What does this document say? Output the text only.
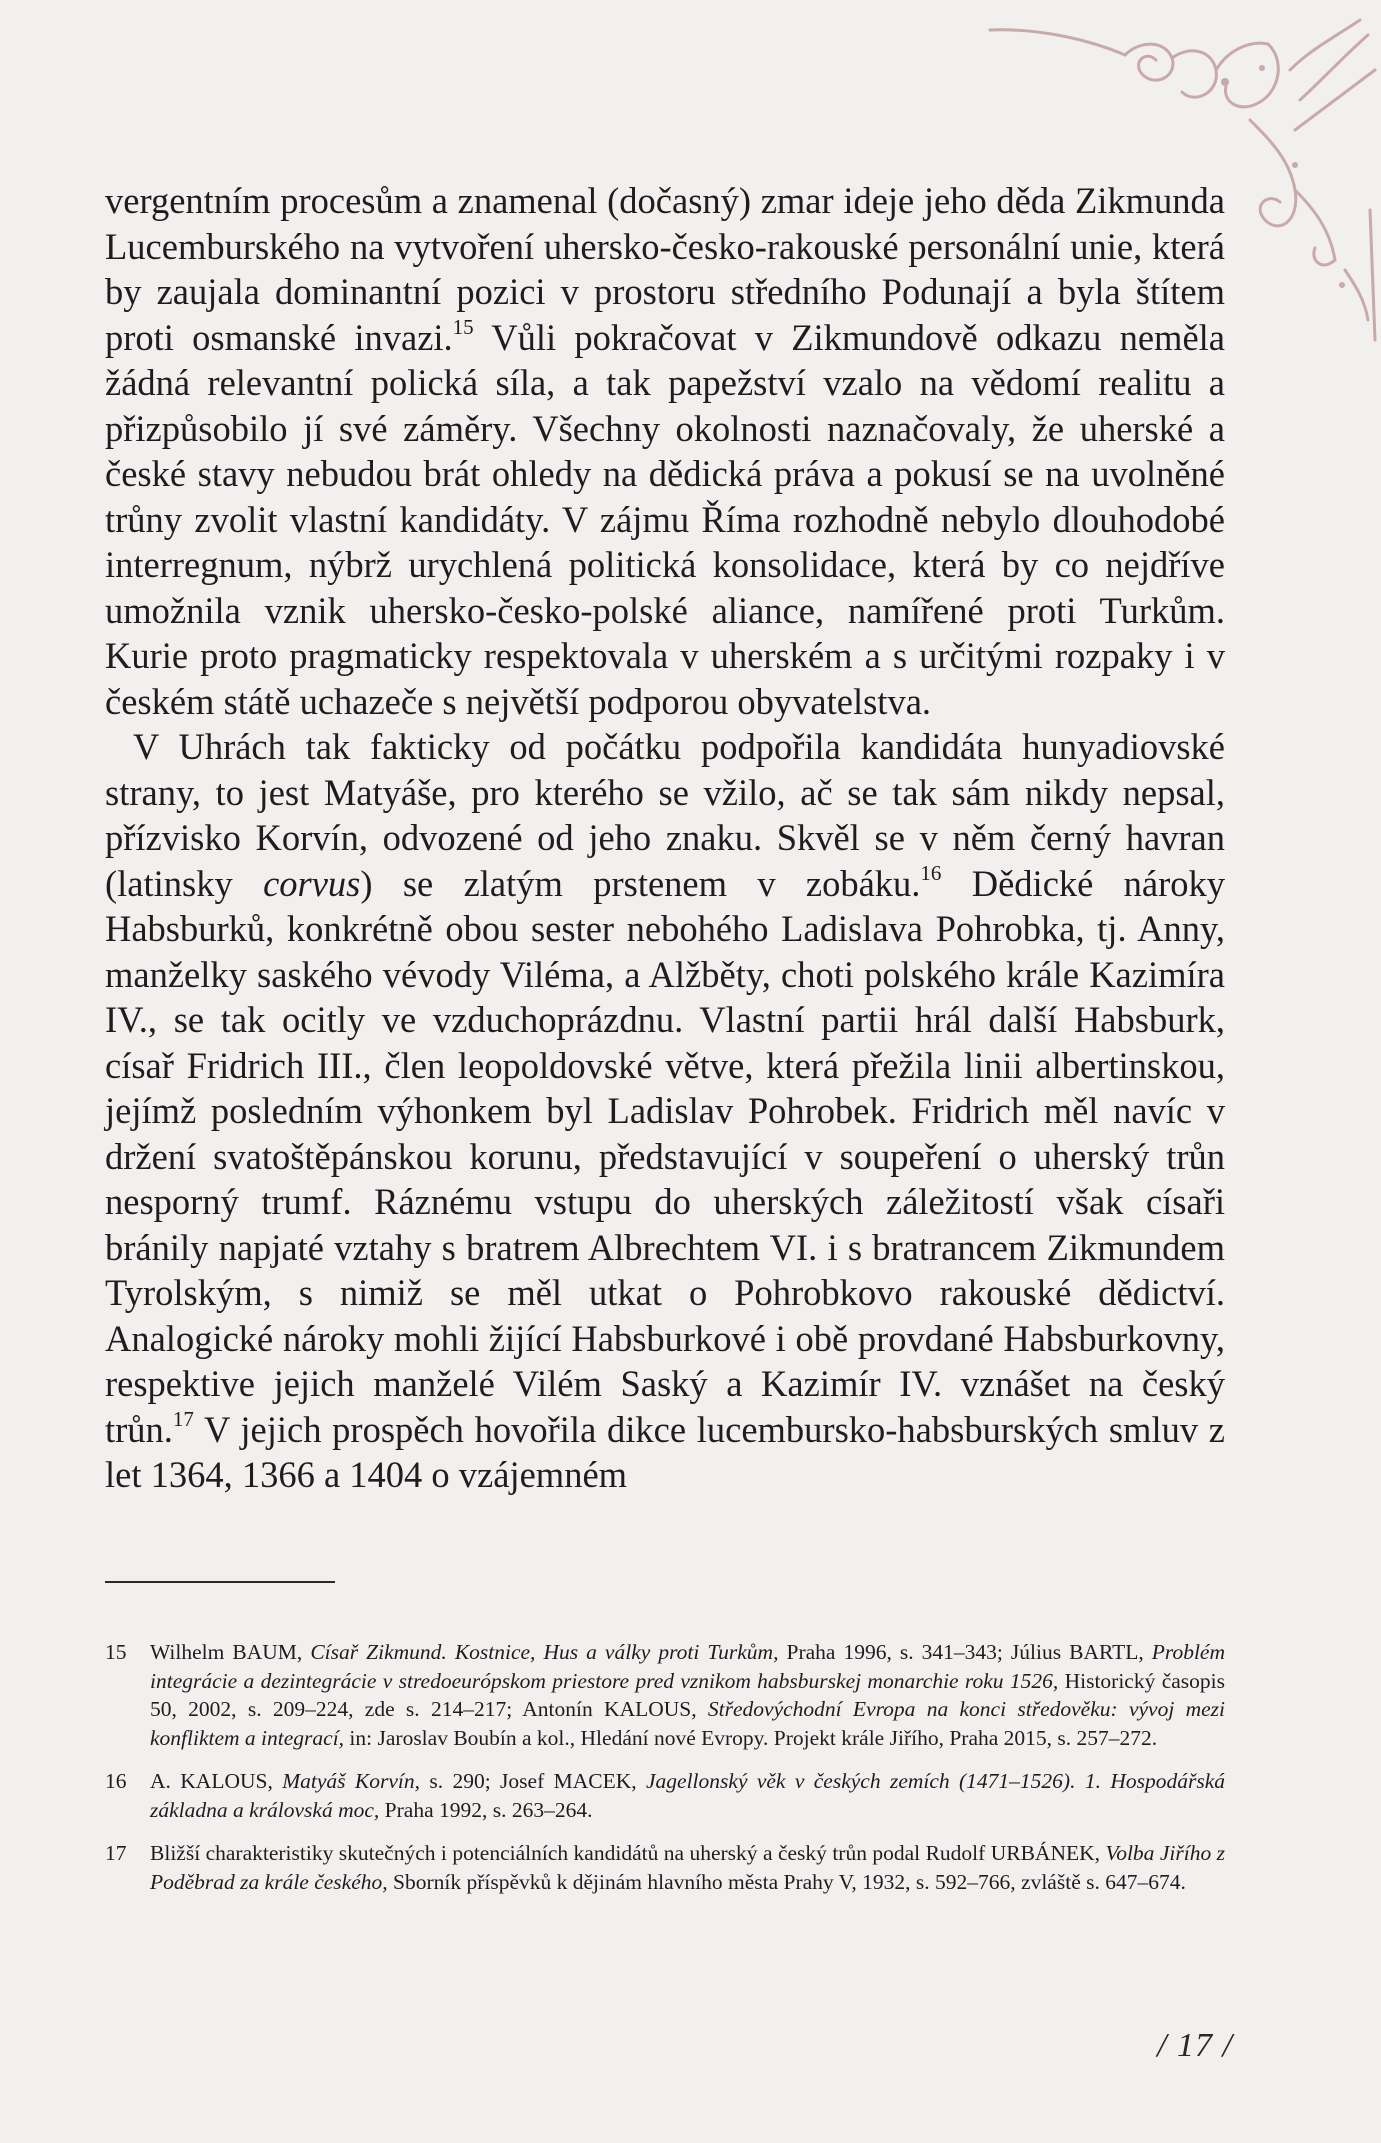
vergentním procesům a znamenal (dočasný) zmar ideje jeho děda Zikmunda Lucemburského na vytvoření uhersko-česko-rakouské personální unie, která by zaujala dominantní pozici v prostoru středního Podunají a byla štítem proti osmanské invazi.$^{15}$ Vůli pokračovat v Zikmundově odkazu neměla žádná relevantní polická síla, a tak papežství vzalo na vědomí realitu a přizpůsobilo jí své záměry. Všechny okolnosti naznačovaly, že uherské a české stavy nebudou brát ohledy na dědická práva a pokusí se na uvolněné trůny zvolit vlastní kandidáty. V zájmu Říma rozhodně nebylo dlouhodobé interregnum, nýbrž urychlená politická konsolidace, která by co nejdříve umožnila vznik uhersko-česko-polské aliance, namířené proti Turkům. Kurie proto pragmaticky respektovala v uherském a s určitými rozpaky i v českém státě uchazeče s největší podporou obyvatelstva.

V Uhrách tak fakticky od počátku podpořila kandidáta hunyadiovské strany, to jest Matyáše, pro kterého se vžilo, ač se tak sám nikdy nepsal, přízvisko Korvín, odvozené od jeho znaku. Skvěl se v něm černý havran (latinsky corvus) se zlatým prstenem v zobáku.$^{16}$ Dědické nároky Habsburků, konkrétně obou sester nebohého Ladislava Pohrobka, tj. Anny, manželky saského vévody Viléma, a Alžběty, choti polského krále Kazimíra IV., se tak ocitly ve vzduchoprázdnu. Vlastní partii hrál další Habsburk, císař Fridrich III., člen leopoldovské větve, která přežila linii albertinskou, jejímž posledním výhonkem byl Ladislav Pohrobek. Fridrich měl navíc v držení svatoštěpánskou korunu, představující v soupeření o uherský trůn nesporný trumf. Ráznému vstupu do uherských záležitostí však císaři bránily napjaté vztahy s bratrem Albrechtem VI. i s bratrancem Zikmundem Tyrolským, s nimiž se měl utkat o Pohrobkovo rakouské dědictví. Analogické nároky mohli žijící Habsburkové i obě provdané Habsburkovny, respektive jejich manželé Vilém Saský a Kazimír IV. vznášet na český trůn.$^{17}$ V jejich prospěch hovořila dikce lucembursko-habsburských smluv z let 1364, 1366 a 1404 o vzájemném

15 Wilhelm BAUM, Císař Zikmund. Kostnice, Hus a války proti Turkům, Praha 1996, s. 341–343; Július BARTL, Problém integrácie a dezintegrácie v stredoeurópskom priestore pred vznikom habsburskej monarchie roku 1526, Historický časopis 50, 2002, s. 209–224, zde s. 214–217; Antonín KALOUS, Středovýchodní Evropa na konci středověku: vývoj mezi konfliktem a integrací, in: Jaroslav Boubín a kol., Hledání nové Evropy. Projekt krále Jiřího, Praha 2015, s. 257–272.
16 A. KALOUS, Matyáš Korvín, s. 290; Josef MACEK, Jagellonský věk v českých zemích (1471–1526). 1. Hospodářská základna a královská moc, Praha 1992, s. 263–264.
17 Bližší charakteristiky skutečných i potenciálních kandidátů na uherský a český trůn podal Rudolf URBÁNEK, Volba Jiřího z Poděbrad za krále českého, Sborník příspěvků k dějinám hlavního města Prahy V, 1932, s. 592–766, zvláště s. 647–674.
/ 17 /
